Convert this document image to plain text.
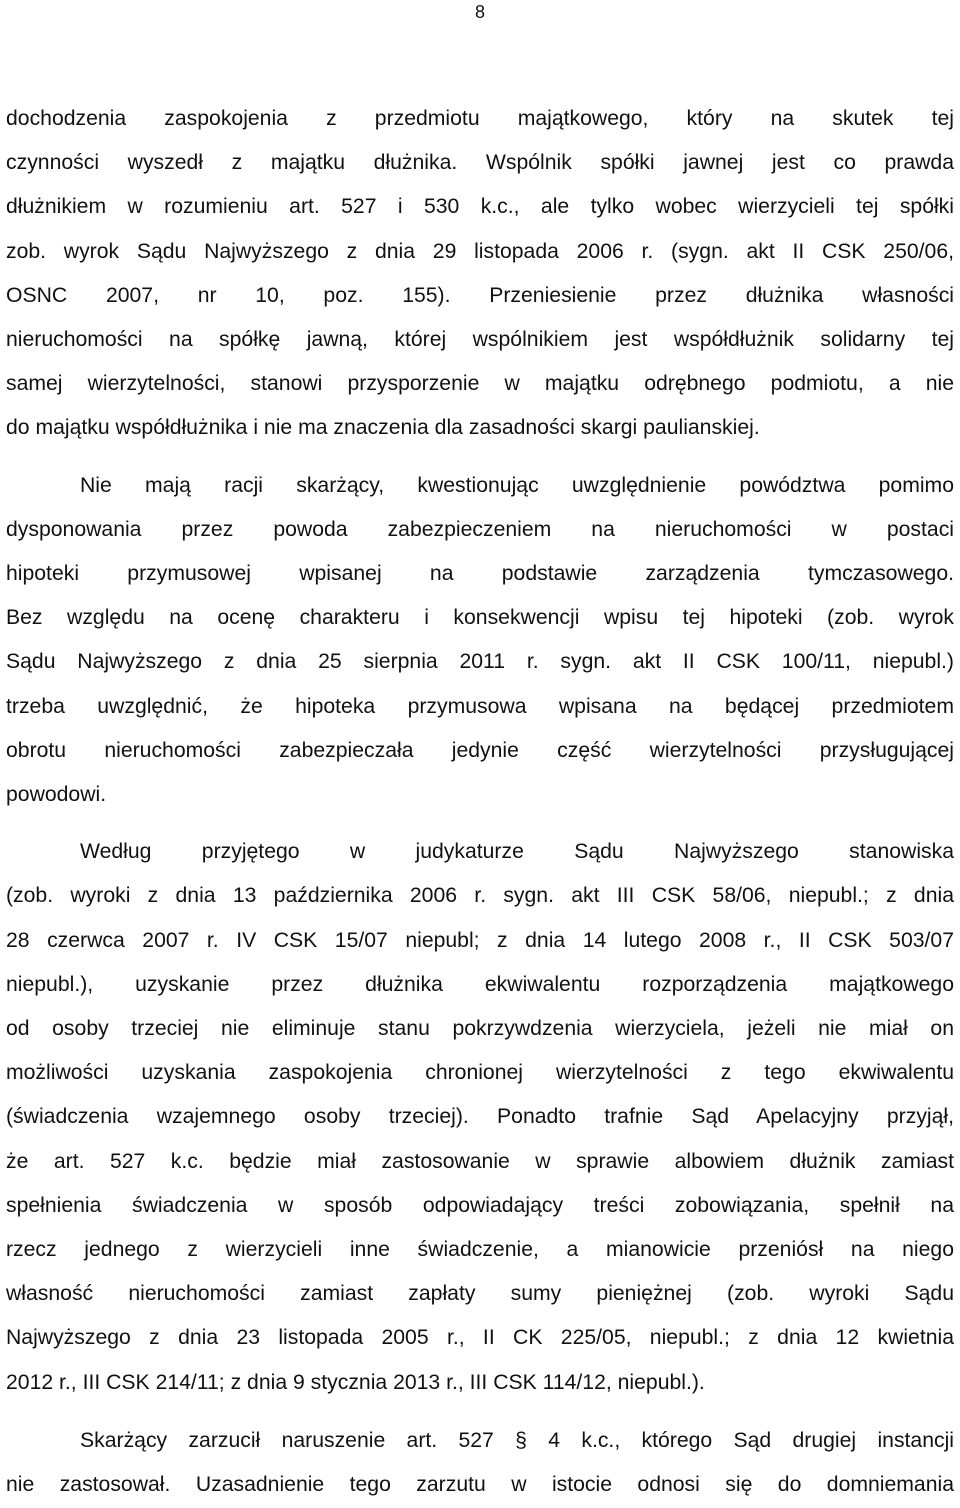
8

dochodzenia zaspokojenia z przedmiotu majątkowego, który na skutek tej
czynności wyszedł z majątku dłużnika. Wspólnik spółki jawnej jest co prawda
dłużnikiem w rozumieniu art. 527 i 530 k.c., ale tylko wobec wierzycieli tej spółki
zob. wyrok Sądu Najwyższego z dnia 29 listopada 2006 r. (sygn. akt II CSK 250/06,
OSNC 2007, nr 10, poz. 155). Przeniesienie przez dłużnika własności
nieruchomości na spółkę jawną, której wspólnikiem jest współdłużnik solidarny tej
samej wierzytelności, stanowi przysporzenie w majątku odrębnego podmiotu, a nie
do majątku współdłużnika i nie ma znaczenia dla zasadności skargi paulianskiej.

Nie mają racji skarżący, kwestionując uwzględnienie powództwa pomimo
dysponowania przez powoda zabezpieczeniem na nieruchomości w postaci
hipoteki przymusowej wpisanej na podstawie zarządzenia tymczasowego.
Bez względu na ocenę charakteru i konsekwencji wpisu tej hipoteki (zob. wyrok
Sądu Najwyższego z dnia 25 sierpnia 2011 r. sygn. akt II CSK 100/11, niepubl.)
trzeba uwzględnić, że hipoteka przymusowa wpisana na będącej przedmiotem
obrotu nieruchomości zabezpieczała jedynie część wierzytelności przysługującej
powodowi.

Według przyjętego w judykaturze Sądu Najwyższego stanowiska
(zob. wyroki z dnia 13 października 2006 r. sygn. akt III CSK 58/06, niepubl.; z dnia
28 czerwca 2007 r. IV CSK 15/07 niepubl; z dnia 14 lutego 2008 r., II CSK 503/07
niepubl.), uzyskanie przez dłużnika ekwiwalentu rozporządzenia majątkowego
od osoby trzeciej nie eliminuje stanu pokrzywdzenia wierzyciela, jeżeli nie miał on
możliwości uzyskania zaspokojenia chronionej wierzytelności z tego ekwiwalentu
(świadczenia wzajemnego osoby trzeciej). Ponadto trafnie Sąd Apelacyjny przyjął,
że art. 527 k.c. będzie miał zastosowanie w sprawie albowiem dłużnik zamiast
spełnienia świadczenia w sposób odpowiadający treści zobowiązania, spełnił na
rzecz jednego z wierzycieli inne świadczenie, a mianowicie przeniósł na niego
własność nieruchomości zamiast zapłaty sumy pieniężnej (zob. wyroki Sądu
Najwyższego z dnia 23 listopada 2005 r., II CK 225/05, niepubl.; z dnia 12 kwietnia
2012 r., III CSK 214/11; z dnia 9 stycznia 2013 r., III CSK 114/12, niepubl.).

Skarżący zarzucił naruszenie art. 527 § 4 k.c., którego Sąd drugiej instancji
nie zastosował. Uzasadnienie tego zarzutu w istocie odnosi się do domniemania
